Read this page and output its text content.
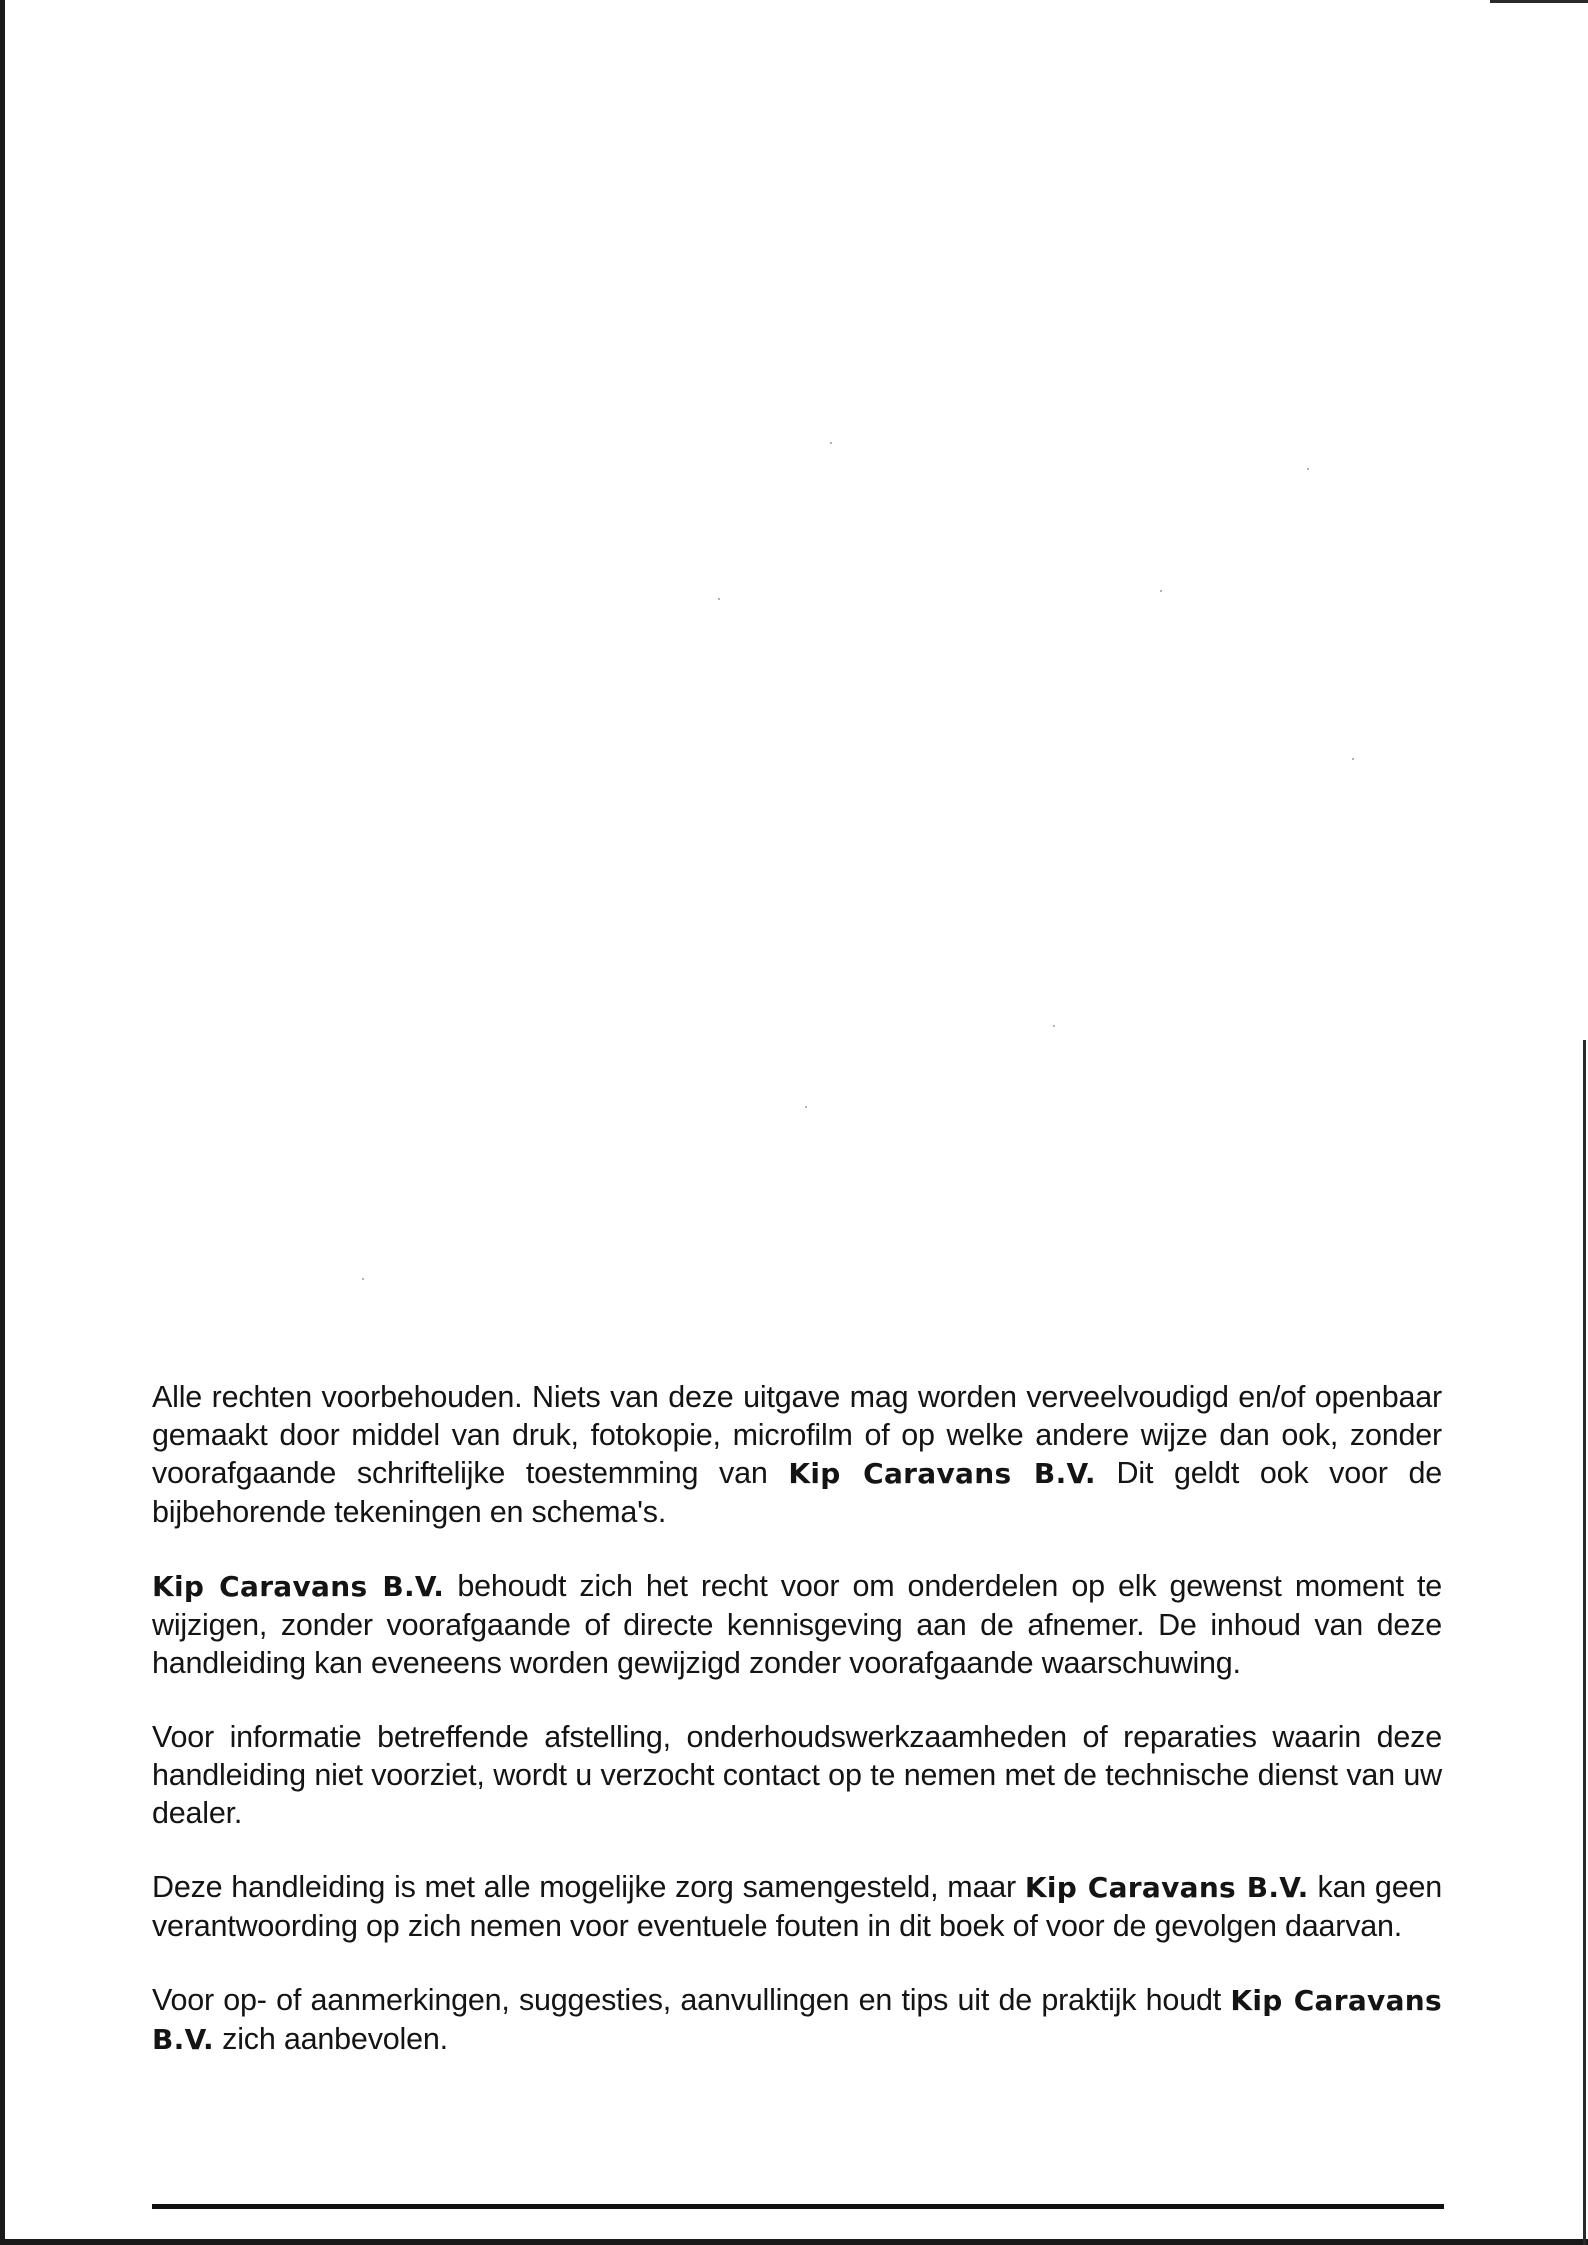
Alle rechten voorbehouden. Niets van deze uitgave mag worden verveelvoudigd en/of openbaar gemaakt door middel van druk, fotokopie, microfilm of op welke andere wijze dan ook, zonder voorafgaande schriftelijke toestemming van Kip Caravans B.V. Dit geldt ook voor de bijbehorende tekeningen en schema's.

Kip Caravans B.V. behoudt zich het recht voor om onderdelen op elk gewenst moment te wijzigen, zonder voorafgaande of directe kennisgeving aan de afnemer. De inhoud van deze handleiding kan eveneens worden gewijzigd zonder voorafgaande waarschuwing.

Voor informatie betreffende afstelling, onderhoudswerkzaamheden of reparaties waarin deze handleiding niet voorziet, wordt u verzocht contact op te nemen met de technische dienst van uw dealer.

Deze handleiding is met alle mogelijke zorg samengesteld, maar Kip Caravans B.V. kan geen verantwoording op zich nemen voor eventuele fouten in dit boek of voor de gevolgen daarvan.

Voor op- of aanmerkingen, suggesties, aanvullingen en tips uit de praktijk houdt Kip Caravans B.V. zich aanbevolen.
